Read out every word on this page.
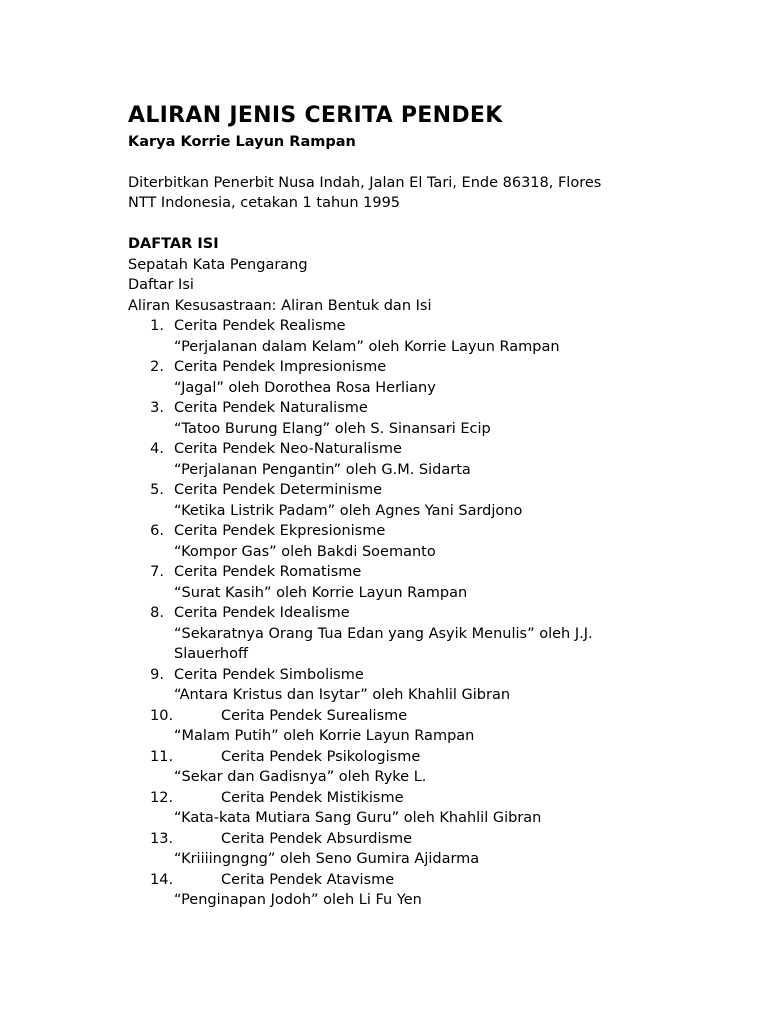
ALIRAN JENIS CERITA PENDEK
Karya Korrie Layun Rampan
Diterbitkan Penerbit Nusa Indah, Jalan El Tari, Ende 86318, Flores
NTT Indonesia, cetakan 1 tahun 1995
DAFTAR ISI
Sepatah Kata Pengarang
Daftar Isi
Aliran Kesusastraan: Aliran Bentuk dan Isi
1. Cerita Pendek Realisme
“Perjalanan dalam Kelam” oleh Korrie Layun Rampan
2. Cerita Pendek Impresionisme
“Jagal” oleh Dorothea Rosa Herliany
3. Cerita Pendek Naturalisme
“Tatoo Burung Elang” oleh S. Sinansari Ecip
4. Cerita Pendek Neo-Naturalisme
“Perjalanan Pengantin” oleh G.M. Sidarta
5. Cerita Pendek Determinisme
“Ketika Listrik Padam” oleh Agnes Yani Sardjono
6. Cerita Pendek Ekpresionisme
“Kompor Gas” oleh Bakdi Soemanto
7. Cerita Pendek Romatisme
“Surat Kasih” oleh Korrie Layun Rampan
8. Cerita Pendek Idealisme
“Sekaratnya Orang Tua Edan yang Asyik Menulis” oleh J.J.
Slauerhoff
9. Cerita Pendek Simbolisme
“Antara Kristus dan Isytar” oleh Khahlil Gibran
10.	Cerita Pendek Surealisme
“Malam Putih” oleh Korrie Layun Rampan
11.	Cerita Pendek Psikologisme
“Sekar dan Gadisnya” oleh Ryke L.
12.	Cerita Pendek Mistikisme
“Kata-kata Mutiara Sang Guru” oleh Khahlil Gibran
13.	Cerita Pendek Absurdisme
“Kriiiingngng” oleh Seno Gumira Ajidarma
14.	Cerita Pendek Atavisme
“Penginapan Jodoh” oleh Li Fu Yen
